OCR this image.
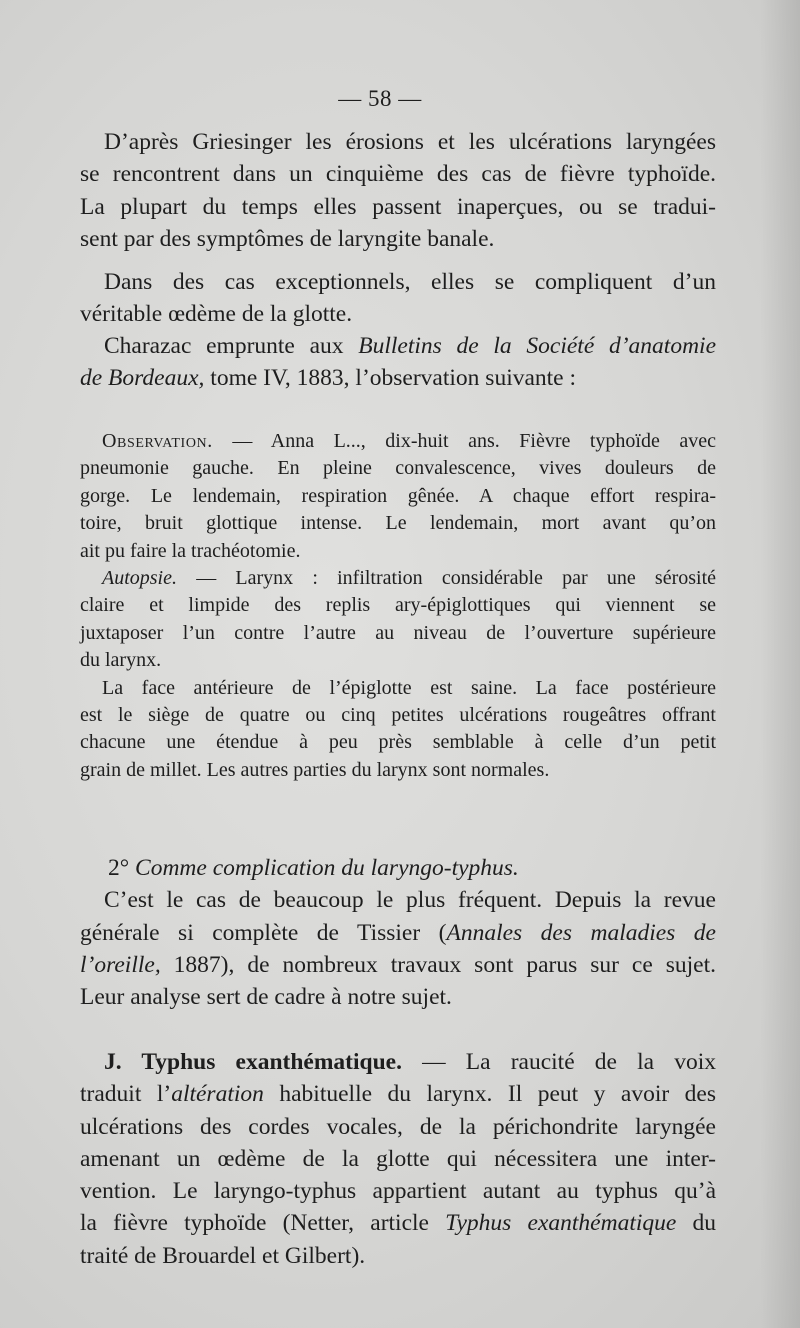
— 58 —
D’après Griesinger les érosions et les ulcérations laryngées
se rencontrent dans un cinquième des cas de fièvre typhoïde.
La plupart du temps elles passent inaperçues, ou se tradui-
sent par des symptômes de laryngite banale.
Dans des cas exceptionnels, elles se compliquent d’un
véritable œdème de la glotte.
Charazac emprunte aux Bulletins de la Société d’anatomie
de Bordeaux, tome IV, 1883, l’observation suivante :
Observation. — Anna L..., dix-huit ans. Fièvre typhoïde avec
pneumonie gauche. En pleine convalescence, vives douleurs de
gorge. Le lendemain, respiration gênée. A chaque effort respira-
toire, bruit glottique intense. Le lendemain, mort avant qu’on
ait pu faire la trachéotomie.
Autopsie. — Larynx : infiltration considérable par une sérosité
claire et limpide des replis ary-épiglottiques qui viennent se
juxtaposer l’un contre l’autre au niveau de l’ouverture supérieure
du larynx.
La face antérieure de l’épiglotte est saine. La face postérieure
est le siège de quatre ou cinq petites ulcérations rougeâtres offrant
chacune une étendue à peu près semblable à celle d’un petit
grain de millet. Les autres parties du larynx sont normales.
2° Comme complication du laryngo-typhus.
C’est le cas de beaucoup le plus fréquent. Depuis la revue
générale si complète de Tissier (Annales des maladies de
l’oreille, 1887), de nombreux travaux sont parus sur ce sujet.
Leur analyse sert de cadre à notre sujet.
J. Typhus exanthématique. — La raucité de la voix
traduit l’altération habituelle du larynx. Il peut y avoir des
ulcérations des cordes vocales, de la périchondrite laryngée
amenant un œdème de la glotte qui nécessitera une inter-
vention. Le laryngo-typhus appartient autant au typhus qu’à
la fièvre typhoïde (Netter, article Typhus exanthématique du
traité de Brouardel et Gilbert).
